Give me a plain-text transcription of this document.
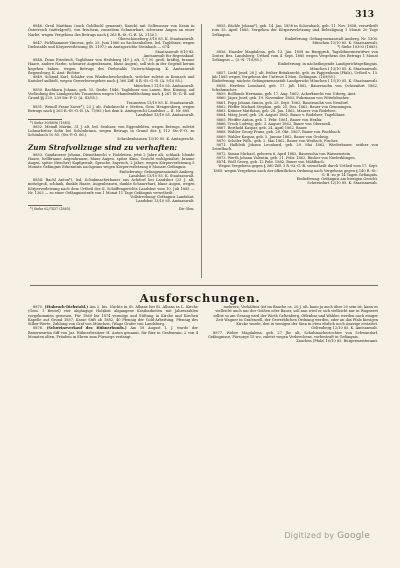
313

8846. Greil Matthias (auch Goldbichl genannt), Knecht mit Gelbwasser von Krain in Österreich (mittelgroß), von frischem, runzeliem Schnurrbart, schwarze Augen an einer Narbe, wegen Vergehens des Betrugs nach § 263 R.-St.-G.-B. (A. 2150.).

Oberschöneberg 3/10 85. K. Staatsanwalt.

8847. Pichlhammer Vincenz, geb. 25. Juni 1860 zu Sachsenhalten, led. Taglöhner, wegen Diebstahls und Körperverletzung (B. 1197.) an Amtsgerichte Steinbach — 674.

Staatsanwalt 9/10 85.

Amtsanwalt für Regenskauf.

8848. Donn Friedrich, Taglöhner von Heilsburg (49 J. alt, 1,7 M. groß, kräftig, braune Haare, andere Narbe, schwarze Augenbrauen, blaue Augen), soll sich in der Gegend herum begehen haben, wegen Betrugs des Diebstahls Unterschlagung. K. Amtsanwalt Regensburg. K. Amt.-Richter.

8849. Schmid Karl, Schäfer von Windischeschenbach, welcher zuletzt in Kronach und Knitdorf aufhielt, wegen Gewerbsvergehen nach § 360 Ziff. 8 R.-St.-G.-B. (A. 9/10 85.).

München I 11/10 85. Amtsanwalt.

8850. Bachhorn Johann, geb. 15. Dezbr. 1846, Taglöhner von Lauen, Bez. Kissing, auf Vorläufung des Landgerichts Traunstein wegen Urkundenfälschung nach § 267 St.-G.-B. auf Grund §§ 229, 239 Str.-P.-O. (A. 43/85.).

Traunstein 13/10 85. K. Staatsanwalt.

8851. Weindl Franz Xaver*), 23 J. alt, Fuhrknecht v. Metten, Gem. Hengersberg, wegen Betrugs nach § 263 R.-St.-G.-B. (A. 73/85.) bei dem k. Amtsgericht Landshut — II. Nr. 685.

Landshut 13/10 85. Amtsanwalt.

*) Siehe 30/8896 (1885).

8852. Meindl Martin, 31 J. alt, led. Seuhner, von Eggenfelden, wegen Betrugs, zuletzt Lohnarbeiter Sohn bei Schönbrunn, wegen Betrugs in Grund des § 112 Str.-P.-O. zu Schönbach 10 85. (Str.-P.-O. 66.).

Schrobenhausen 13/10 85. K. Amtsgericht.

Zum Strafvollzuge sind zu verhaften:

8853. Gandauerer Johann, Dienstknecht v. Holzleiten, jetzt 2 Jahre alt, schlank, blonde Haare, hellbraune Augenbrauen, blaue Augen, spitze Kinn, Gesicht wohlgenährt, braune Augen, spitze (frischer) Kopfgewalt, Sprache, bayrisch, 2 Jahre, wegen Körperverletzung 5 Monate Gefängnis Erkenntnis nachgeaus wegen Körperverletzung 6 Monate Gefängnis.

Einlieferung: Gefangenenanstalt Amberg.

Landshut 13/10 85. K. Staatsanwalt.

8854. Bachl Anton*), led. Schuhmacherbauer aus Achdorf bei Landshut (23 J. alt, mittelgroß, schlank, dunkle Haare, Augenbrauen, dunkle Schnurrbart, blaue Augen, wegen Körperverletzung nach dem Urtheil des K. Schöffengerichts Landshut vom 10. Juli 1885 — Nr. 1303 — zu einer Gefängnisstrafe von 1 Monat 11 Tage Gefängnis verurtheilt.

Vollstreckung: Gefängnis Landshut.

Landshut 13/10 85. Amtsanwalt.

*) Siehe 62/7437 (1885).	Die Obm.

8855. Bächle Johann*), geb. 14. Jan. 1858 in Schwabach, geb. 11. Nov. 1858, verurtheilt vom 15. April 1885, Vergehen der Körperverletzung und Beleidigung 1 Monat 20 Tage Gefängnis.

Einlieferung: Gefangenenanstalt Amberg. Nr. 1300.

München 13/10 85. K. Staatsanwalt.

*) Siehe 10393 (1885).

8856. Hausler Magdalena, geb. 13. Jan. 1858 zu Burggrub, Tagelöhnerinswittwe von Goster, Bez. Landsberg; Urtheil vom 4. Sept. 1885 wegen Vergehens des Betrugs 1 Monat Gefängnis — (3.-N. 718/85.).

Einlieferung: in nächstliegende Landgerichtsgefängnis.

München I 13/10 85. K. Staatsanwalt.

8857. Liebl Josef, 28 J. alt, früher Bräuknecht, geb. zu Pappenheim (Pfalz), Urtheil v. 13. Juli 1885 wegen Vergehens der Untreue 4 Mon. Gefängnis. (169/85.).

Einlieferung: nächste Gefangenenanstalt Landgericht München I 13/10 85. K. Staatsanwalt.

8858. Hertlein Leonhard, geb. 17. Juli 1862, Bauernsohn von Ochsenfurt 1862, Schuhmacher.

8859. Bolllands Hermann, geb. 17. Aug. 1862, Ackerknecht von Urberg, Amt.

8860. Jäger Josef, geb. 19. November 1863, Fuhrmann von Wittelsbacher.

8861. Popp Johann Simon, geb. 25. Sept. 1862, Bauernsohn von Neudorf.

8862. Pfeffer Michael Stephan, geb. 25. Dez. 1862, Bauer von Gemmingen.

8863. Krämer Matthäus, geb. 28. Jan. 1862, Maurer von Rödelsee.

8864. Märg Josef, geb. 28. August 1862, Bauer v. Rödelsee, Tagelöhner.

8865. Pfeiffer Anton, geb. 1. Febr. 1861, Bauer von Hexlar.

8866. Trock Ludwig, geb. 3. August 1862, Bauer von Obernzell.

8867. Berthold Kaspar, geb. 24. April 1862, Bauer.

8868. Wahler Georg Franz, geb. 28. Okt. 1867, Bauer von Fischbach.

8869. Wahler Kaspar, geb. 5. Januar 1862, Bauer von Grobnig.

8870. Schöler Wilh., geb. 2. Mai 1862, Bauer von Weißach, Fischer.

8871. Halbleib Johann Leonhard, geb. 29. Mai 1862, Wiederbauer, seither von Geiselbach.

8872. Simon Michael, geboren 6. April 1862, Bauersohn von Waissenstein.

8873. Werth Johann Valentin, geb. 21. Febr. 1862, Bäcker von Niederklingen.

8874. Wolf Georg, geb. 12 Febr. 1862, Bauer von Mühlbach.

Wegen Vergehens gegen § 360 Ziff. 3 R.-St.-G.-B. verurtheilt durch Urtheil vom 17. Sept. 1885: wegen Vergehens nach der öffentlichen Ordnung nach Vergehens gegen § 140 R.-St.-G.-B. zu je 14 Tagen Gefängnis.

Einlieferung: Gefängnis am hiesigen Gericht.

Schweinfurt 12/10 85. K. Staatsanwalt.

Ausforschungen.

8875. (Einbruch-Diebstahl.) Am 2. bis. Nachts in St. Albans bei St. Albans in L. Kirche (Gem. 1 Beutel) vier abgängige Holzkist abgangene Kostbarkeiten mit Jahreszahlen vorgekommen gewesen. Für 1860 bis 1874 vermöge und Stiftung in Kirche und Kirchen Kapelle auf Grund 1857, Kasse Stift ab 1882, 40 Pfennig der Gold-Arbeitung, Pfennig des Silber-Werte. Zahlung von Graf von München, (Wage Grafer von Landsberg.

8876. (Schweineverkauf des Hühnerhunds.) Am 18 August 1. J. wurde der Bauernwirtin Siff von Jaz. Hühnerbesitzer H. Anton genannt, für Bier in Grafenrain, 2 von 4 Monaten alten, Fräulein in Ehren zum Fürsorge verlangt.

mehrere, Verhältnis (ist im Bauche ca. 20 J. alt, kann ja auch über 20 sein ist, kann es vielleicht auch nur der Geißen oder Bauer, soll nun wird er sich vielleicht nur in Wagneret selbst so am Gesang wird der Wirth Geltenberg, Offenbar und Wähler, werden nach einiger Zeit Wagner in Grafenzell, der Gewerblichen Ordnung werden, oder an das Pfalz hiesigen Kirche wurde, den in wenigen der Sinn in etwa ehrlich noch Anzeige erstattet.

Geltenberg 12/10 85. K. Amtsanwalt.

8877. Weber Magdalena, geb. 27 Jhr. alt, Schuhmachertochter von Schwandorf, Gefängnisse, Fürsorge 15 wo, zuletzt wegen Verbrechens, vorbestraft in Gefängnis.

Zauchen (Pfalz) 10/10 85. Bürgermeisteramt.

Digitized by Google
